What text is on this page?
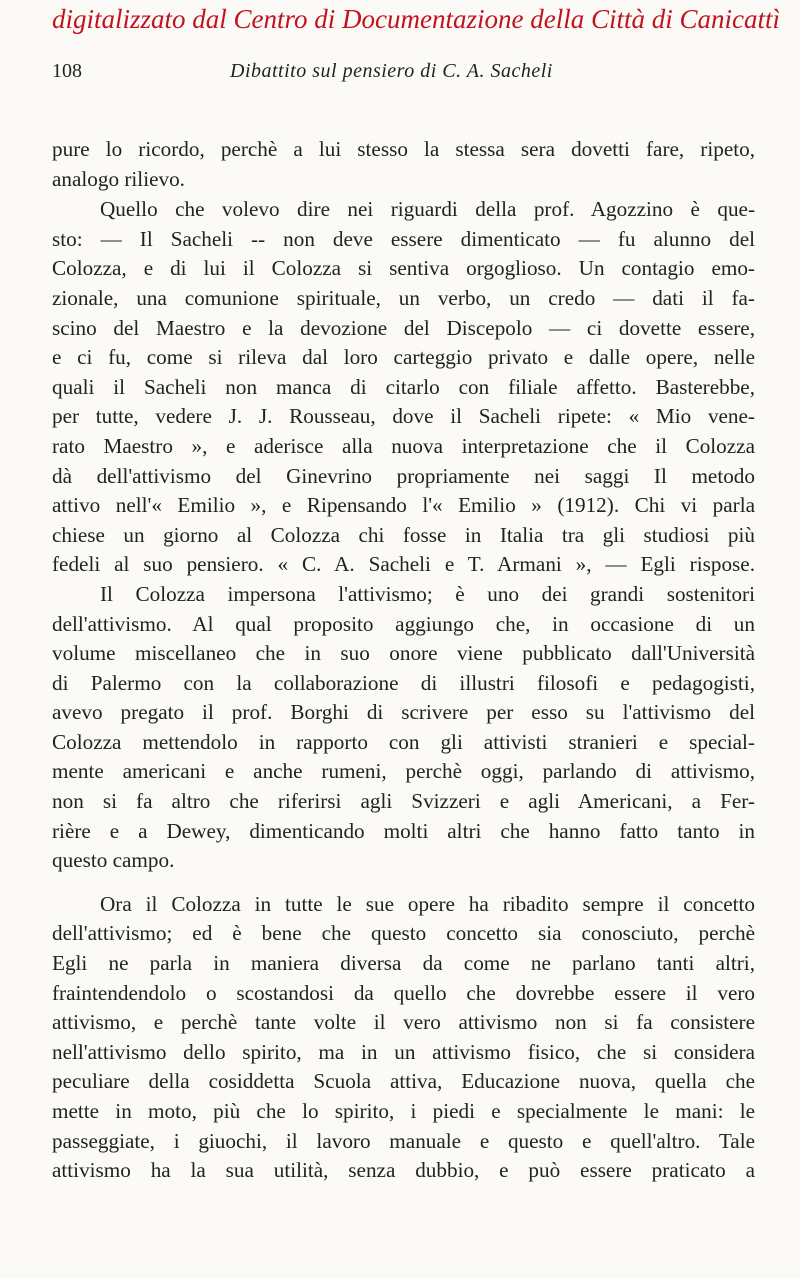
digitalizzato dal Centro di Documentazione della Città di Canicattì
108	Dibattito sul pensiero di C. A. Sacheli

pure lo ricordo, perchè a lui stesso la stessa sera dovetti fare, ripeto,
analogo rilievo.

Quello che volevo dire nei riguardi della prof. Agozzino è que-
sto: — Il Sacheli -- non deve essere dimenticato — fu alunno del
Colozza, e di lui il Colozza si sentiva orgoglioso. Un contagio emo-
zionale, una comunione spirituale, un verbo, un credo — dati il fa-
scino del Maestro e la devozione del Discepolo — ci dovette essere,
e ci fu, come si rileva dal loro carteggio privato e dalle opere, nelle
quali il Sacheli non manca di citarlo con filiale affetto. Basterebbe,
per tutte, vedere J. J. Rousseau, dove il Sacheli ripete: « Mio vene-
rato Maestro », e aderisce alla nuova interpretazione che il Colozza
dà dell'attivismo del Ginevrino propriamente nei saggi Il metodo
attivo nell'« Emilio », e Ripensando l'« Emilio » (1912). Chi vi parla
chiese un giorno al Colozza chi fosse in Italia tra gli studiosi più
fedeli al suo pensiero. « C. A. Sacheli e T. Armani », — Egli rispose.

Il Colozza impersona l'attivismo; è uno dei grandi sostenitori
dell'attivismo. Al qual proposito aggiungo che, in occasione di un
volume miscellaneo che in suo onore viene pubblicato dall'Università
di Palermo con la collaborazione di illustri filosofi e pedagogisti,
avevo pregato il prof. Borghi di scrivere per esso su l'attivismo del
Colozza mettendolo in rapporto con gli attivisti stranieri e special-
mente americani e anche rumeni, perchè oggi, parlando di attivismo,
non si fa altro che riferirsi agli Svizzeri e agli Americani, a Fer-
rière e a Dewey, dimenticando molti altri che hanno fatto tanto in
questo campo.

Ora il Colozza in tutte le sue opere ha ribadito sempre il concetto
dell'attivismo; ed è bene che questo concetto sia conosciuto, perchè
Egli ne parla in maniera diversa da come ne parlano tanti altri,
fraintendendolo o scostandosi da quello che dovrebbe essere il vero
attivismo, e perchè tante volte il vero attivismo non si fa consistere
nell'attivismo dello spirito, ma in un attivismo fisico, che si considera
peculiare della cosiddetta Scuola attiva, Educazione nuova, quella che
mette in moto, più che lo spirito, i piedi e specialmente le mani: le
passeggiate, i giuochi, il lavoro manuale e questo e quell'altro. Tale
attivismo ha la sua utilità, senza dubbio, e può essere praticato a
